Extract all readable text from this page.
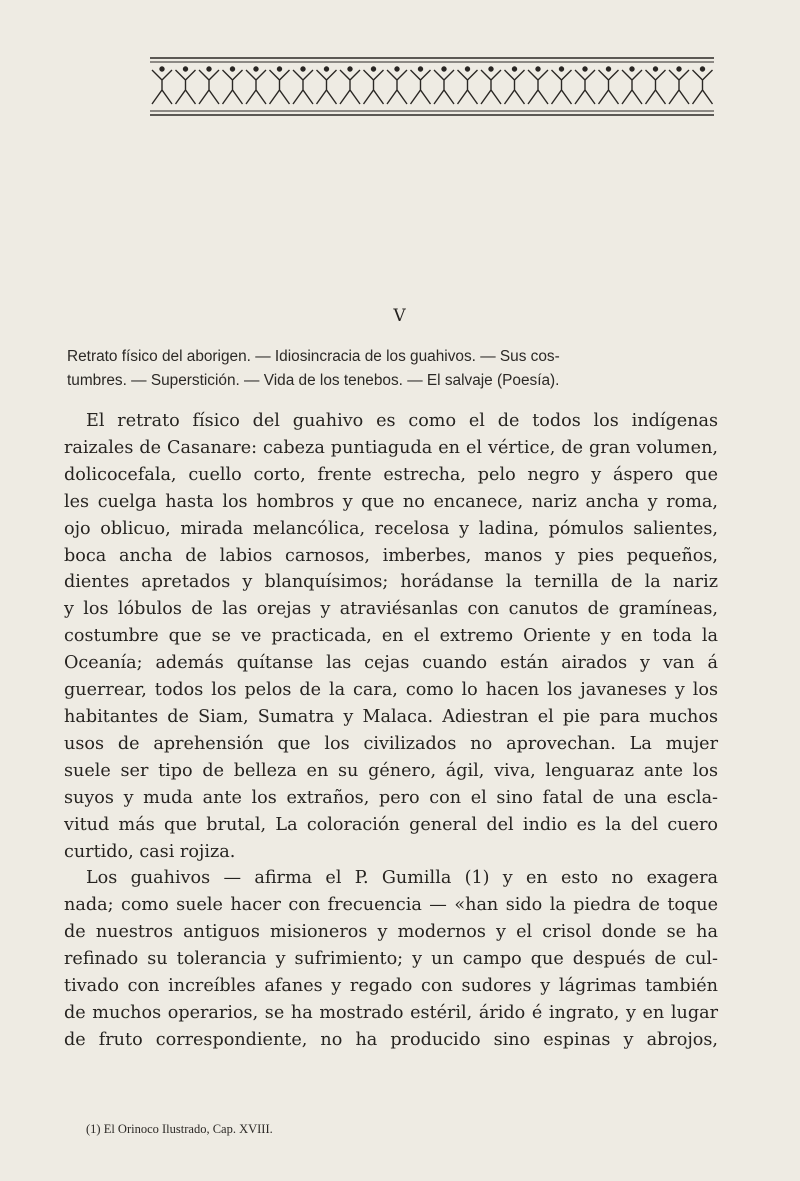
V
Retrato físico del aborigen. — Idiosincracia de los guahivos. — Sus cos-
tumbres. — Superstición. — Vida de los tenebos. — El salvaje (Poesía).
El retrato físico del guahivo es como el de todos los indígenas
raizales de Casanare: cabeza puntiaguda en el vértice, de gran volumen,
dolicocefala, cuello corto, frente estrecha, pelo negro y áspero que
les cuelga hasta los hombros y que no encanece, nariz ancha y roma,
ojo oblicuo, mirada melancólica, recelosa y ladina, pómulos salientes,
boca ancha de labios carnosos, imberbes, manos y pies pequeños,
dientes apretados y blanquísimos; horádanse la ternilla de la nariz
y los lóbulos de las orejas y atraviésanlas con canutos de gramíneas,
costumbre que se ve practicada, en el extremo Oriente y en toda la
Oceanía; además quítanse las cejas cuando están airados y van á
guerrear, todos los pelos de la cara, como lo hacen los javaneses y los
habitantes de Siam, Sumatra y Malaca. Adiestran el pie para muchos
usos de aprehensión que los civilizados no aprovechan. La mujer
suele ser tipo de belleza en su género, ágil, viva, lenguaraz ante los
suyos y muda ante los extraños, pero con el sino fatal de una escla-
vitud más que brutal, La coloración general del indio es la del cuero
curtido, casi rojiza.
Los guahivos — afirma el P. Gumilla (1) y en esto no exagera
nada; como suele hacer con frecuencia — «han sido la piedra de toque
de nuestros antiguos misioneros y modernos y el crisol donde se ha
refinado su tolerancia y sufrimiento; y un campo que después de cul-
tivado con increíbles afanes y regado con sudores y lágrimas también
de muchos operarios, se ha mostrado estéril, árido é ingrato, y en lugar
de fruto correspondiente, no ha producido sino espinas y abrojos,
(1) El Orinoco Ilustrado, Cap. XVIII.
